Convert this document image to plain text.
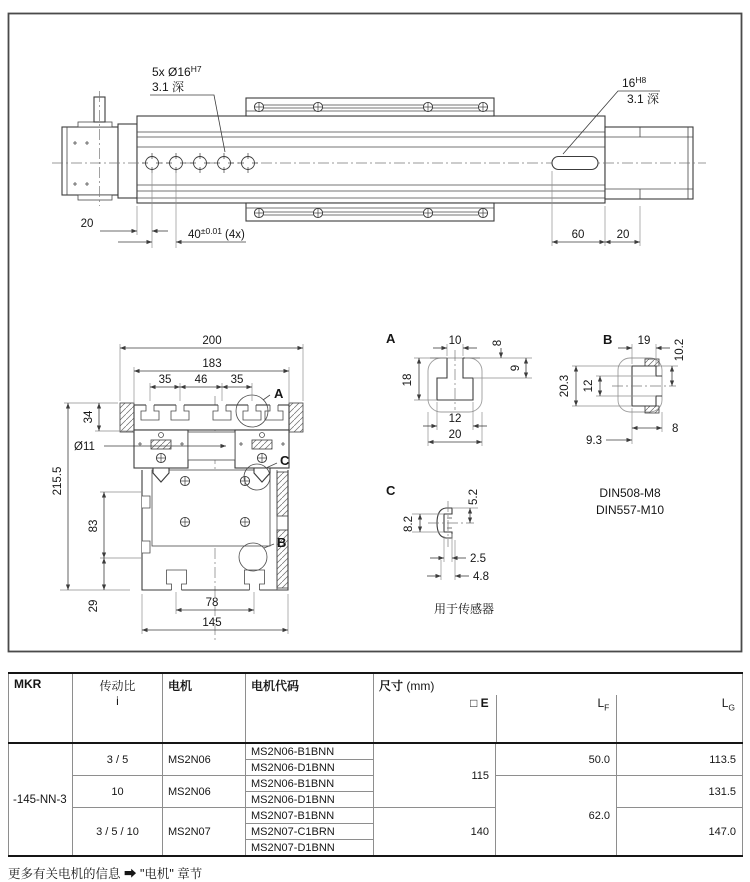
5x $Ø16^{H7}$
3.1 深	$16^{H8}$
3.1 深
20
$40^{\pm 0.01}$ (4x)	60	20
A
C
B
200
183
35 46 35
34
Ø11
215.5
83
29	78
145
A	10	8
9
18
12
20
B 19 10.2
20.3 12
8
9.3
C	5.2
8.2
2.5
4.8
用于传感器
DIN508-M8
DIN557-M10
MKR	传动比
i
	电机	电机代码	尺寸 (mm)
□ E	$L_F$	$L_G$

-145-NN-3	3 / 5	MS2N06	MS2N06-B1BNN	115	50.0	113.5
			MS2N06-D1BNN			
	10	MS2N06	MS2N06-B1BNN		62.0	131.5
			MS2N06-D1BNN			
	3 / 5 / 10	MS2N07	MS2N07-B1BNN	140		147.0
			MS2N07-C1BRN			
			MS2N07-D1BNN			
更多有关电机的信息 ➡ "电机" 章节
